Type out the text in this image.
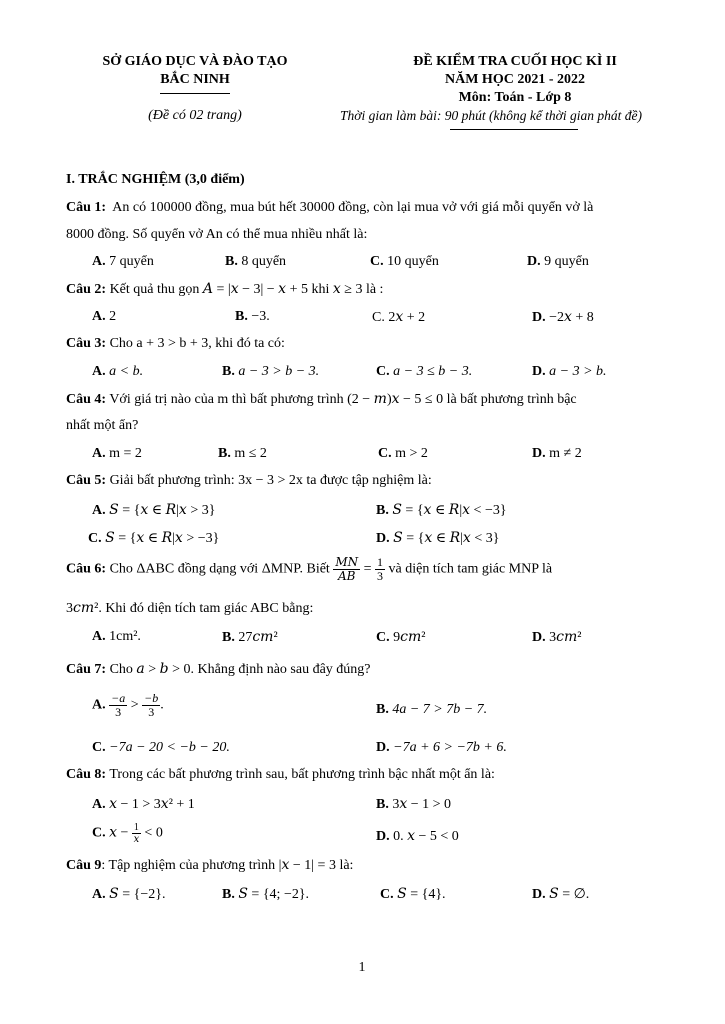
SỞ GIÁO DỤC VÀ ĐÀO TẠO
BẮC NINH
(Đề có 02 trang)
ĐỀ KIỂM TRA CUỐI HỌC KÌ II
NĂM HỌC 2021 - 2022
Môn: Toán - Lớp 8
Thời gian làm bài: 90 phút (không kể thời gian phát đề)
I. TRẮC NGHIỆM (3,0 điểm)
Câu 1: An có 100000 đồng, mua bút hết 30000 đồng, còn lại mua vở với giá mỗi quyển vở là
8000 đồng. Số quyển vở An có thể mua nhiều nhất là:
A. 7 quyển	B. 8 quyển	C. 10 quyển	D. 9 quyển
Câu 2: Kết quả thu gọn 𝐴 = |𝑥 − 3| − 𝑥 + 5 khi 𝑥 ≥ 3 là :
A. 2	B. −3.	C. 2𝑥 + 2	D. −2𝑥 + 8
Câu 3: Cho a + 3 > b + 3, khi đó ta có:
A. a < b.	B. a − 3 > b − 3.	C. a − 3 ≤ b − 3.	D. a − 3 > b.
Câu 4: Với giá trị nào của m thì bất phương trình (2 − 𝑚)𝑥 − 5 ≤ 0 là bất phương trình bậc
nhất một ẩn?
A. m = 2	B. m ≤ 2	C. m > 2	D. m ≠ 2
Câu 5: Giải bất phương trình: 3x − 3 > 2x ta được tập nghiệm là:
A. 𝑆 = {𝑥 ∈ 𝑅|𝑥 > 3}	B. 𝑆 = {𝑥 ∈ 𝑅|𝑥 < −3}
C. 𝑆 = {𝑥 ∈ 𝑅|𝑥 > −3}	D. 𝑆 = {𝑥 ∈ 𝑅|𝑥 < 3}
Câu 6: Cho ΔABC đồng dạng với ΔMNP. Biết $\frac{\text{𝑀𝑁}}{\text{𝐴𝐵}} = \frac{1}{3}$ và diện tích tam giác MNP là
3𝑐𝑚². Khi đó diện tích tam giác ABC bằng:
A. 1cm².	B. 27𝑐𝑚²	C. 9𝑐𝑚²	D. 3𝑐𝑚²
Câu 7: Cho 𝑎 > 𝑏 > 0. Khẳng định nào sau đây đúng?
A. $\frac{-a}{3} > \frac{-b}{3}$ .	B. 4a − 7 > 7b − 7.
C. −7a − 20 < −b − 20.	D. −7a + 6 > −7b + 6.
Câu 8: Trong các bất phương trình sau, bất phương trình bậc nhất một ẩn là:
A. 𝑥 − 1 > 3𝑥² + 1	B. 3𝑥 − 1 > 0
C. 𝑥 − $\frac{1}{\text{𝑥}} < 0$	D. 0. 𝑥 − 5 < 0
Câu 9: Tập nghiệm của phương trình |𝑥 − 1| = 3 là:
A. 𝑆 = {−2}.	B. 𝑆 = {4; −2}.	C. 𝑆 = {4}.	D. 𝑆 = ∅.
1
